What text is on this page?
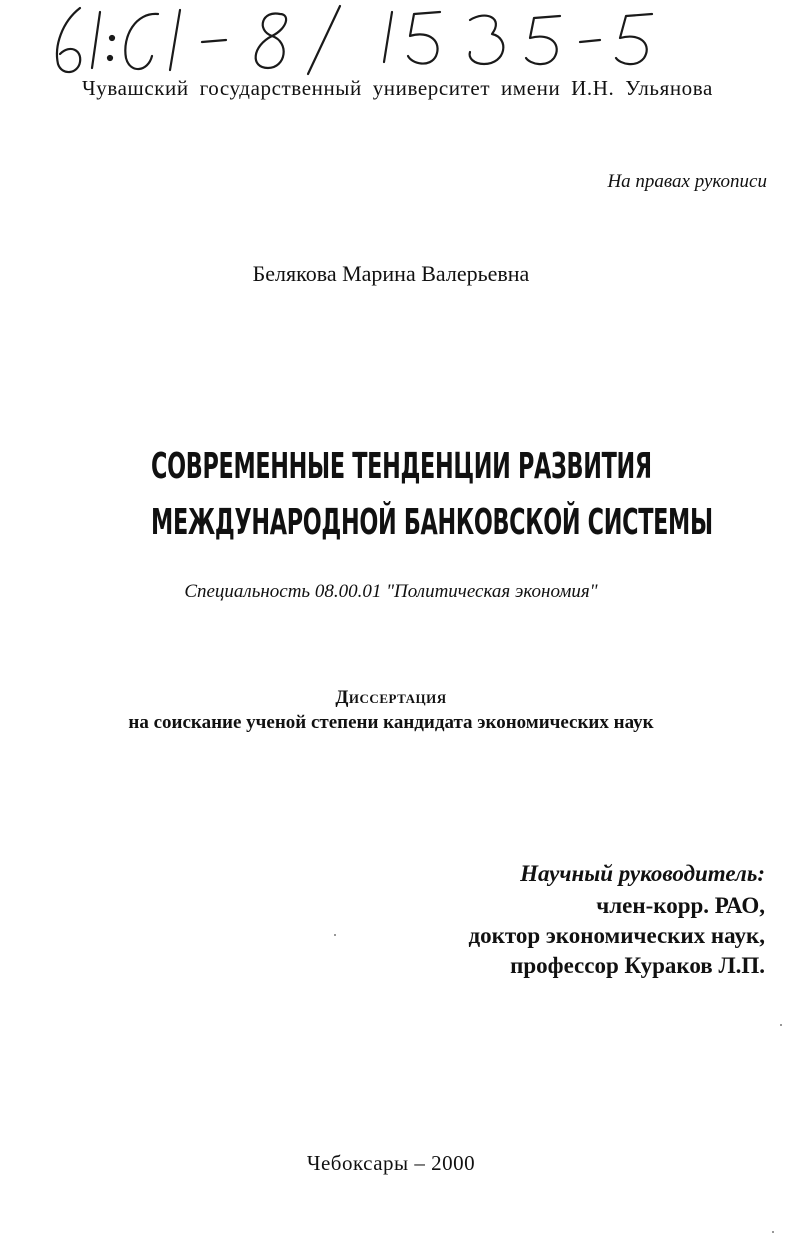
Чувашский государственный университет имени И.Н. Ульянова
На правах рукописи
Белякова Марина Валерьевна
СОВРЕМЕННЫЕ ТЕНДЕНЦИИ РАЗВИТИЯ
МЕЖДУНАРОДНОЙ БАНКОВСКОЙ СИСТЕМЫ
Специальность 08.00.01 "Политическая экономия"
Диссертация
на соискание ученой степени кандидата экономических наук
Научный руководитель:
член-корр. РАО,
доктор экономических наук,
профессор Кураков Л.П.
Чебоксары – 2000
